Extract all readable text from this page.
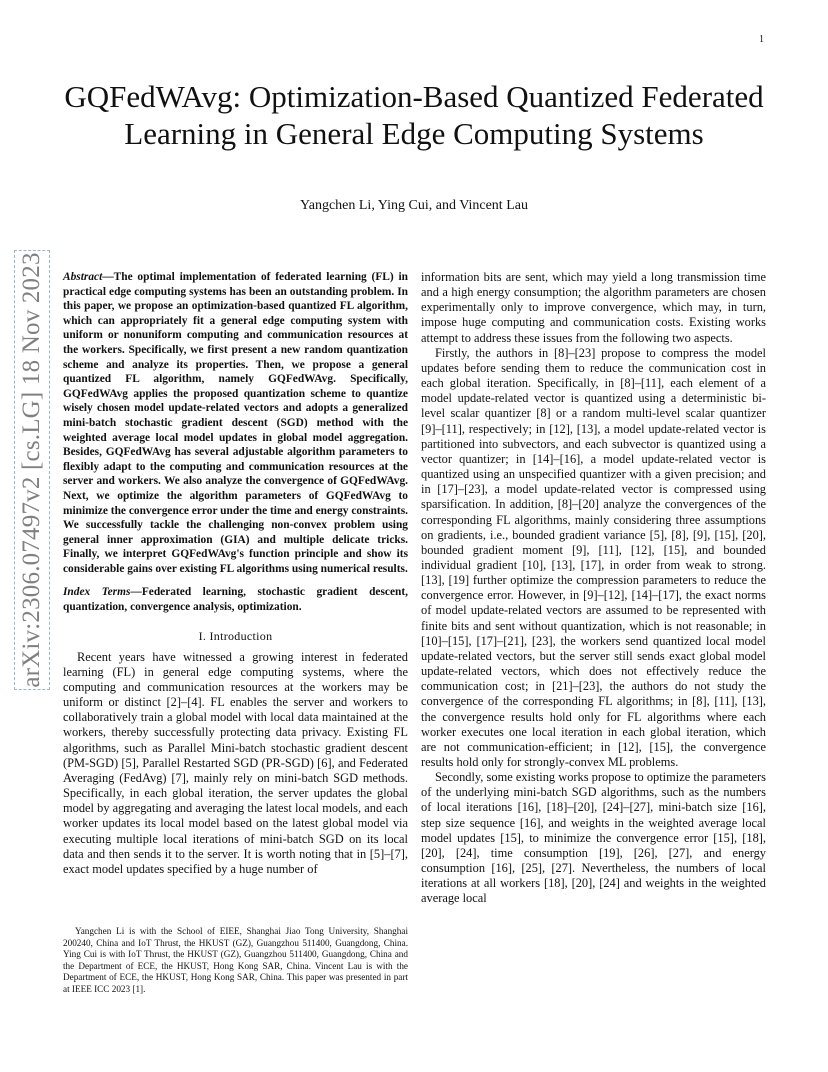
1
arXiv:2306.07497v2 [cs.LG] 18 Nov 2023
GQFedWAvg: Optimization-Based Quantized Federated Learning in General Edge Computing Systems
Yangchen Li, Ying Cui, and Vincent Lau

Abstract—The optimal implementation of federated learning (FL) in practical edge computing systems has been an outstanding problem. In this paper, we propose an optimization-based quantized FL algorithm, which can appropriately fit a general edge computing system with uniform or nonuniform computing and communication resources at the workers. Specifically, we first present a new random quantization scheme and analyze its properties. Then, we propose a general quantized FL algorithm, namely GQFedWAvg. Specifically, GQFedWAvg applies the proposed quantization scheme to quantize wisely chosen model update-related vectors and adopts a generalized mini-batch stochastic gradient descent (SGD) method with the weighted average local model updates in global model aggregation. Besides, GQFedWAvg has several adjustable algorithm parameters to flexibly adapt to the computing and communication resources at the server and workers. We also analyze the convergence of GQFedWAvg. Next, we optimize the algorithm parameters of GQFedWAvg to minimize the convergence error under the time and energy constraints. We successfully tackle the challenging non-convex problem using general inner approximation (GIA) and multiple delicate tricks. Finally, we interpret GQFedWAvg's function principle and show its considerable gains over existing FL algorithms using numerical results.

Index Terms—Federated learning, stochastic gradient descent, quantization, convergence analysis, optimization.

I. Introduction

Recent years have witnessed a growing interest in federated learning (FL) in general edge computing systems, where the computing and communication resources at the workers may be uniform or distinct [2]–[4]. FL enables the server and workers to collaboratively train a global model with local data maintained at the workers, thereby successfully protecting data privacy. Existing FL algorithms, such as Parallel Mini-batch stochastic gradient descent (PM-SGD) [5], Parallel Restarted SGD (PR-SGD) [6], and Federated Averaging (FedAvg) [7], mainly rely on mini-batch SGD methods. Specifically, in each global iteration, the server updates the global model by aggregating and averaging the latest local models, and each worker updates its local model based on the latest global model via executing multiple local iterations of mini-batch SGD on its local data and then sends it to the server. It is worth noting that in [5]–[7], exact model updates specified by a huge number of

Yangchen Li is with the School of EIEE, Shanghai Jiao Tong University, Shanghai 200240, China and IoT Thrust, the HKUST (GZ), Guangzhou 511400, Guangdong, China. Ying Cui is with IoT Thrust, the HKUST (GZ), Guangzhou 511400, Guangdong, China and the Department of ECE, the HKUST, Hong Kong SAR, China. Vincent Lau is with the Department of ECE, the HKUST, Hong Kong SAR, China. This paper was presented in part at IEEE ICC 2023 [1].

information bits are sent, which may yield a long transmission time and a high energy consumption; the algorithm parameters are chosen experimentally only to improve convergence, which may, in turn, impose huge computing and communication costs. Existing works attempt to address these issues from the following two aspects.

Firstly, the authors in [8]–[23] propose to compress the model updates before sending them to reduce the communication cost in each global iteration. Specifically, in [8]–[11], each element of a model update-related vector is quantized using a deterministic bi-level scalar quantizer [8] or a random multi-level scalar quantizer [9]–[11], respectively; in [12], [13], a model update-related vector is partitioned into subvectors, and each subvector is quantized using a vector quantizer; in [14]–[16], a model update-related vector is quantized using an unspecified quantizer with a given precision; and in [17]–[23], a model update-related vector is compressed using sparsification. In addition, [8]–[20] analyze the convergences of the corresponding FL algorithms, mainly considering three assumptions on gradients, i.e., bounded gradient variance [5], [8], [9], [15], [20], bounded gradient moment [9], [11], [12], [15], and bounded individual gradient [10], [13], [17], in order from weak to strong. [13], [19] further optimize the compression parameters to reduce the convergence error. However, in [9]–[12], [14]–[17], the exact norms of model update-related vectors are assumed to be represented with finite bits and sent without quantization, which is not reasonable; in [10]–[15], [17]–[21], [23], the workers send quantized local model update-related vectors, but the server still sends exact global model update-related vectors, which does not effectively reduce the communication cost; in [21]–[23], the authors do not study the convergence of the corresponding FL algorithms; in [8], [11], [13], the convergence results hold only for FL algorithms where each worker executes one local iteration in each global iteration, which are not communication-efficient; in [12], [15], the convergence results hold only for strongly-convex ML problems.

Secondly, some existing works propose to optimize the parameters of the underlying mini-batch SGD algorithms, such as the numbers of local iterations [16], [18]–[20], [24]–[27], mini-batch size [16], step size sequence [16], and weights in the weighted average local model updates [15], to minimize the convergence error [15], [18], [20], [24], time consumption [19], [26], [27], and energy consumption [16], [25], [27]. Nevertheless, the numbers of local iterations at all workers [18], [20], [24] and weights in the weighted average local
